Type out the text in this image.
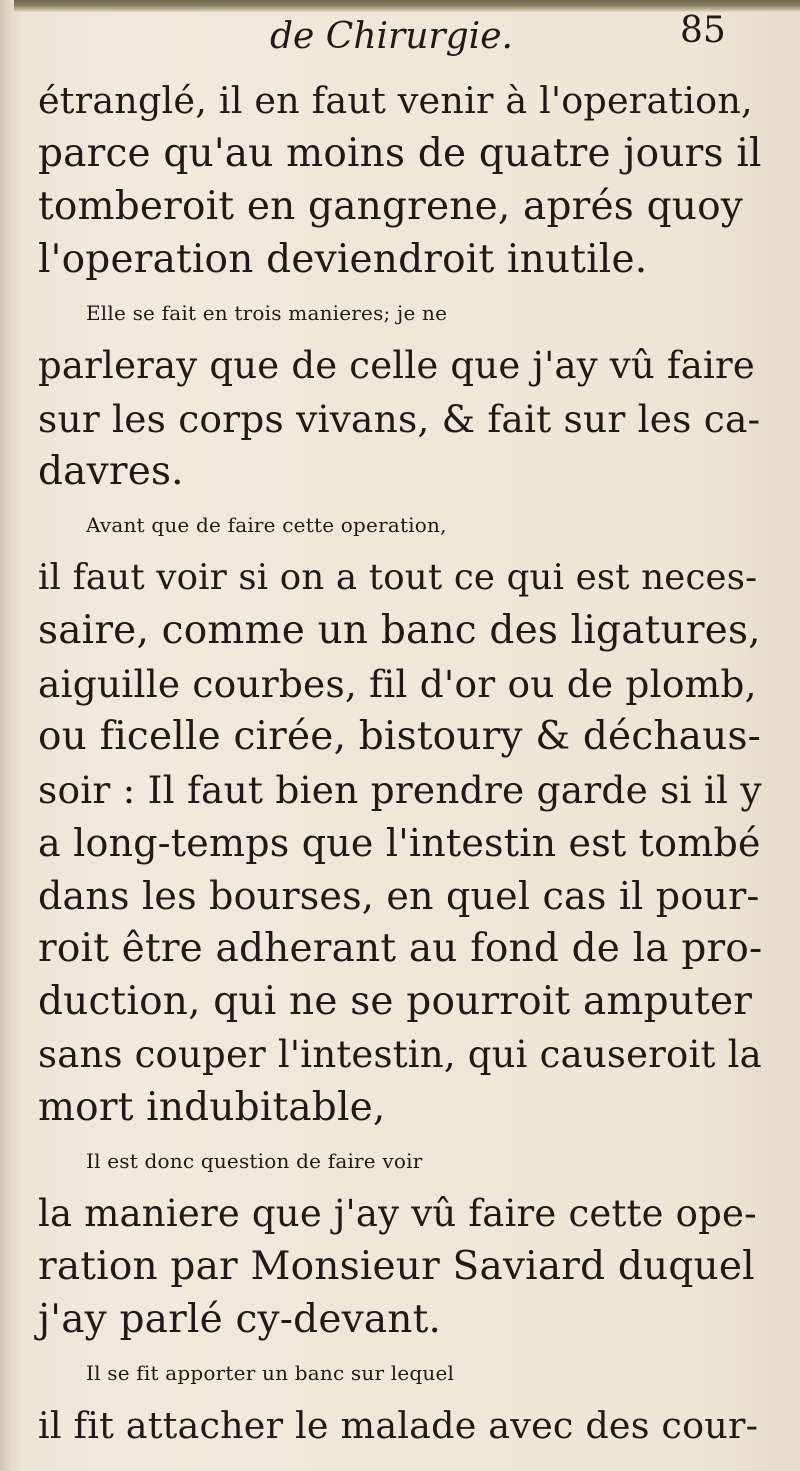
de Chirurgie.	85
étranglé, il en faut venir à l'operation,
parce qu'au moins de quatre jours il
tomberoit en gangrene, aprés quoy
l'operation deviendroit inutile.
Elle se fait en trois manieres; je ne
parleray que de celle que j'ay vû faire
sur les corps vivans, & fait sur les ca-
davres.
Avant que de faire cette operation,
il faut voir si on a tout ce qui est neces-
saire, comme un banc des ligatures,
aiguille courbes, fil d'or ou de plomb,
ou ficelle cirée, bistoury & déchaus-
soir : Il faut bien prendre garde si il y
a long-temps que l'intestin est tombé
dans les bourses, en quel cas il pour-
roit être adherant au fond de la pro-
duction, qui ne se pourroit amputer
sans couper l'intestin, qui causeroit la
mort indubitable,
Il est donc question de faire voir
la maniere que j'ay vû faire cette ope-
ration par Monsieur Saviard duquel
j'ay parlé cy-devant.
Il se fit apporter un banc sur lequel
il fit attacher le malade avec des cour-
